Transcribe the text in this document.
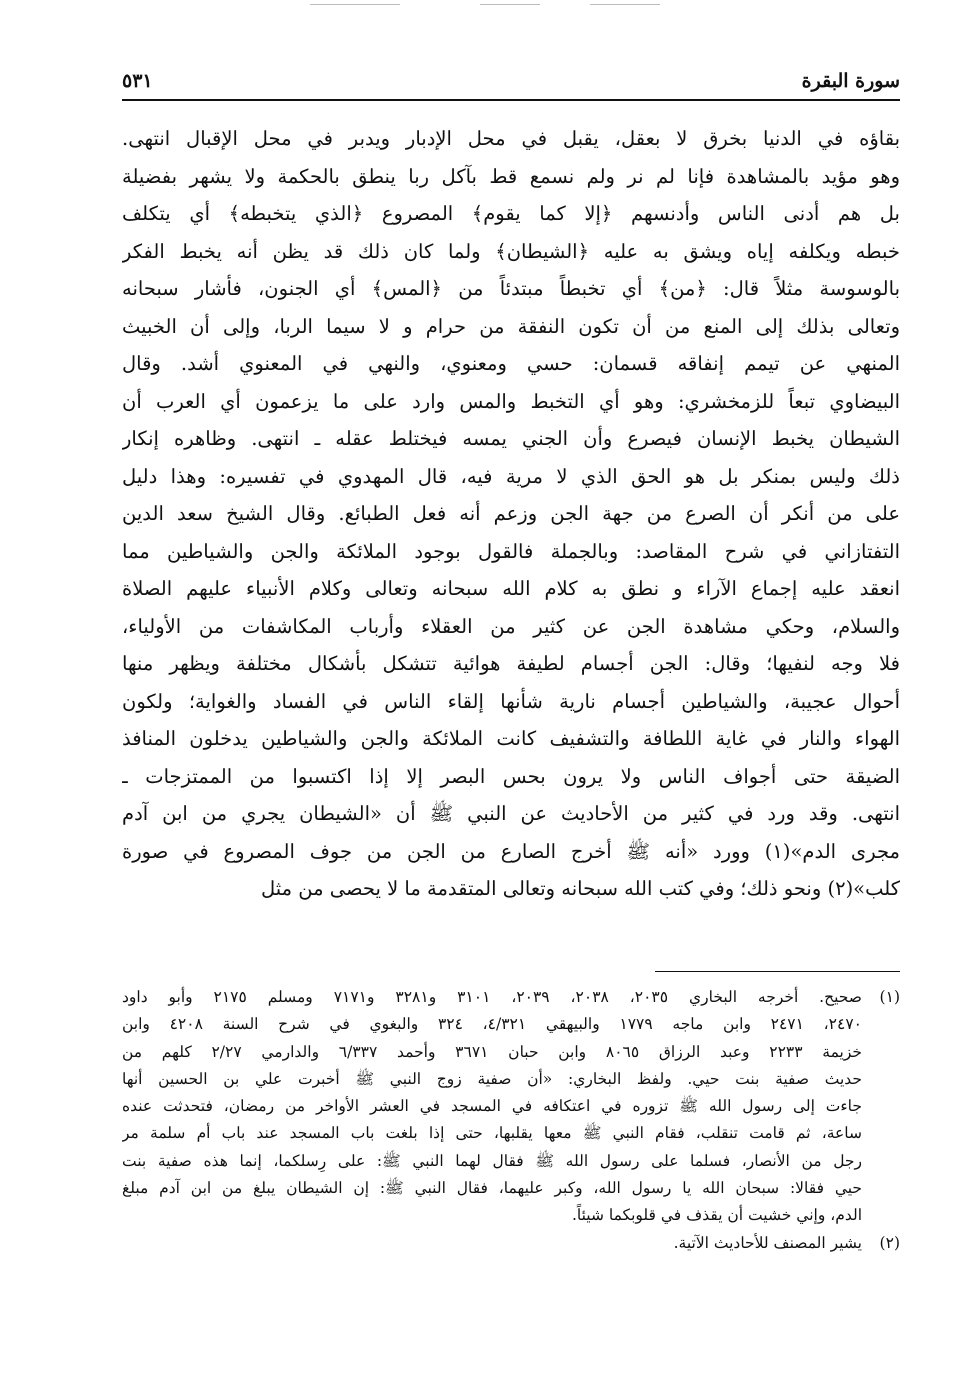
سورة البقرة
٥٣١
بقاؤه في الدنيا بخرق لا بعقل، يقبل في محل الإدبار ويدبر في محل الإقبال انتهى.
وهو مؤيد بالمشاهدة فإنا لم نر ولم نسمع قط بآكل ربا ينطق بالحكمة ولا يشهر بفضيلة
بل هم أدنى الناس وأدنسهم ﴿إلا كما يقوم﴾ المصروع ﴿الذي يتخبطه﴾ أي يتكلف
خبطه ويكلفه إياه ويشق به عليه ﴿الشيطان﴾ ولما كان ذلك قد يظن أنه يخبط الفكر
بالوسوسة مثلاً قال: ﴿من﴾ أي تخبطاً مبتدئاً من ﴿المس﴾ أي الجنون، فأشار سبحانه
وتعالى بذلك إلى المنع من أن تكون النفقة من حرام و لا سيما الربا، وإلى أن الخبيث
المنهي عن تيمم إنفاقه قسمان: حسي ومعنوي، والنهي في المعنوي أشد. وقال
البيضاوي تبعاً للزمخشري: وهو أي التخبط والمس وارد على ما يزعمون أي العرب أن
الشيطان يخبط الإنسان فيصرع وأن الجني يمسه فيختلط عقله ـ انتهى. وظاهره إنكار
ذلك وليس بمنكر بل هو الحق الذي لا مرية فيه، قال المهدوي في تفسيره: وهذا دليل
على من أنكر أن الصرع من جهة الجن وزعم أنه فعل الطبائع. وقال الشيخ سعد الدين
التفتازاني في شرح المقاصد: وبالجملة فالقول بوجود الملائكة والجن والشياطين مما
انعقد عليه إجماع الآراء و نطق به كلام الله سبحانه وتعالى وكلام الأنبياء عليهم الصلاة
والسلام، وحكي مشاهدة الجن عن كثير من العقلاء وأرباب المكاشفات من الأولياء،
فلا وجه لنفيها؛ وقال: الجن أجسام لطيفة هوائية تتشكل بأشكال مختلفة ويظهر منها
أحوال عجيبة، والشياطين أجسام نارية شأنها إلقاء الناس في الفساد والغواية؛ ولكون
الهواء والنار في غاية اللطافة والتشفيف كانت الملائكة والجن والشياطين يدخلون المنافذ
الضيقة حتى أجواف الناس ولا يرون بحس البصر إلا إذا اكتسبوا من الممتزجات ـ
انتهى. وقد ورد في كثير من الأحاديث عن النبي ﷺ أن «الشيطان يجري من ابن آدم
مجرى الدم»(١) وورد «أنه ﷺ أخرج الصارع من الجن من جوف المصروع في صورة
كلب»(٢) ونحو ذلك؛ وفي كتب الله سبحانه وتعالى المتقدمة ما لا يحصى من مثل
(١)
صحيح. أخرجه البخاري ٢٠٣٥، ٢٠٣٨، ٢٠٣٩، ٣١٠١ و٣٢٨١ و٧١٧١ ومسلم ٢١٧٥ وأبو داود
٢٤٧٠، ٢٤٧١ وابن ماجه ١٧٧٩ والبيهقي ٤/٣٢١، ٣٢٤ والبغوي في شرح السنة ٤٢٠٨ وابن
خزيمة ٢٢٣٣ وعبد الرزاق ٨٠٦٥ وابن حبان ٣٦٧١ وأحمد ٦/٣٣٧ والدارمي ٢/٢٧ كلهم من
حديث صفية بنت حيي. ولفظ البخاري: «أن صفية زوج النبي ﷺ أخبرت علي بن الحسين أنها
جاءت إلى رسول الله ﷺ تزوره في اعتكافه في المسجد في العشر الأواخر من رمضان، فتحدثت عنده
ساعة، ثم قامت تنقلب، فقام النبي ﷺ معها يقلبها، حتى إذا بلغت باب المسجد عند باب أم سلمة مر
رجل من الأنصار، فسلما على رسول الله ﷺ فقال لهما النبي ﷺ: على رِسلكما، إنما هذه صفية بنت
حيي فقالا: سبحان الله يا رسول الله، وكبر عليهما، فقال النبي ﷺ: إن الشيطان يبلغ من ابن آدم مبلغ
الدم، وإني خشيت أن يقذف في قلوبكما شيئاً.
(٢)
يشير المصنف للأحاديث الآتية.
